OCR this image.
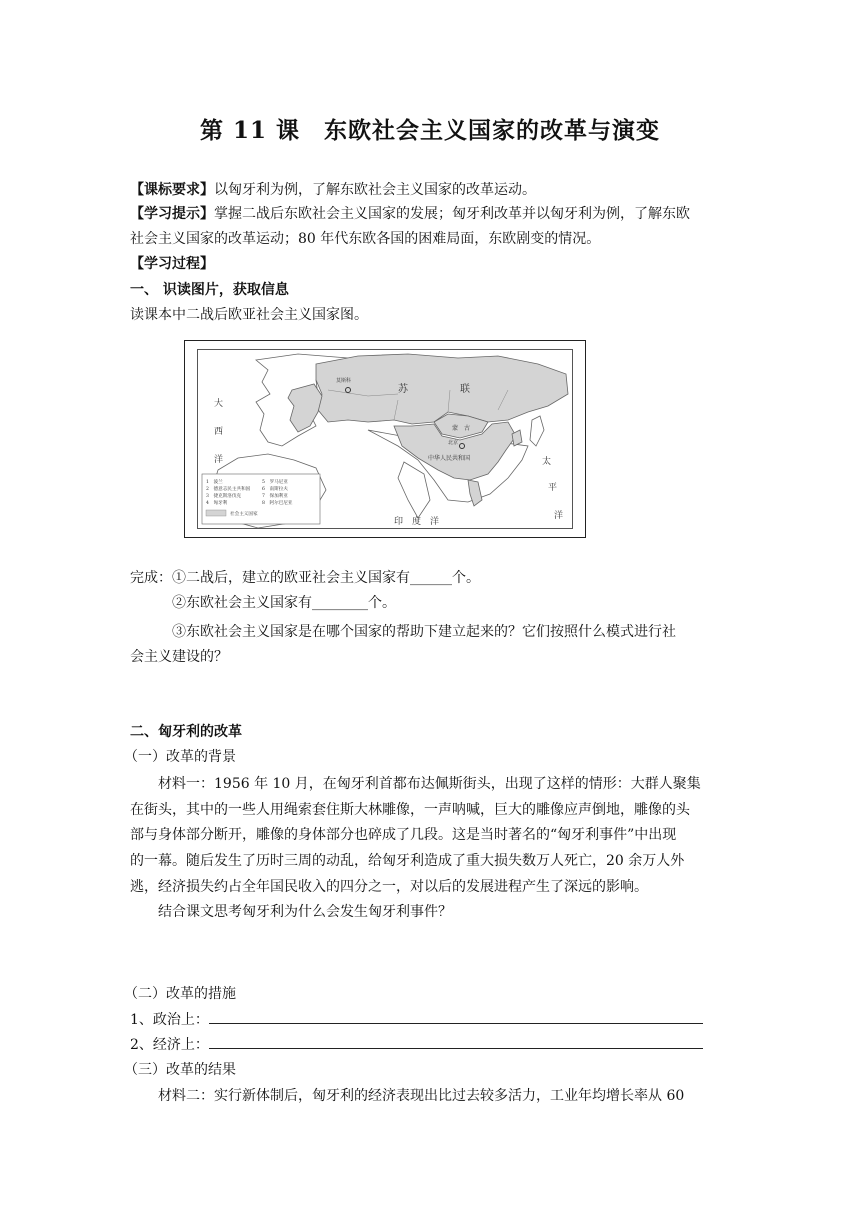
第 11 课　东欧社会主义国家的改革与演变
【课标要求】以匈牙利为例，了解东欧社会主义国家的改革运动。
【学习提示】掌握二战后东欧社会主义国家的发展；匈牙利改革并以匈牙利为例，了解东欧
社会主义国家的改革运动；80 年代东欧各国的困难局面，东欧剧变的情况。
【学习过程】
一、 识读图片，获取信息
读课本中二战后欧亚社会主义国家图。
大
西
洋
苏	联
莫斯科
蒙　古
北京
中华人民共和国	太
平
洋
印　度　洋
1　波兰
2　德意志民主共和国
3　捷克斯洛伐克
4　匈牙利
5　罗马尼亚
6　南斯拉夫
7　保加利亚
8　阿尔巴尼亚
社会主义国家
完成：①二战后，建立的欧亚社会主义国家有______个。
②东欧社会主义国家有________个。
③东欧社会主义国家是在哪个国家的帮助下建立起来的？它们按照什么模式进行社
会主义建设的？
二、匈牙利的改革
（一）改革的背景
材料一：1956 年 10 月，在匈牙利首都布达佩斯街头，出现了这样的情形：大群人聚集
在街头，其中的一些人用绳索套住斯大林雕像，一声呐喊，巨大的雕像应声倒地，雕像的头
部与身体部分断开，雕像的身体部分也碎成了几段。这是当时著名的“匈牙利事件”中出现
的一幕。随后发生了历时三周的动乱，给匈牙利造成了重大损失数万人死亡，20 余万人外
逃，经济损失约占全年国民收入的四分之一，对以后的发展进程产生了深远的影响。
结合课文思考匈牙利为什么会发生匈牙利事件？
（二）改革的措施
1、政治上：
2、经济上：
（三）改革的结果
材料二：实行新体制后，匈牙利的经济表现出比过去较多活力，工业年均增长率从 60
